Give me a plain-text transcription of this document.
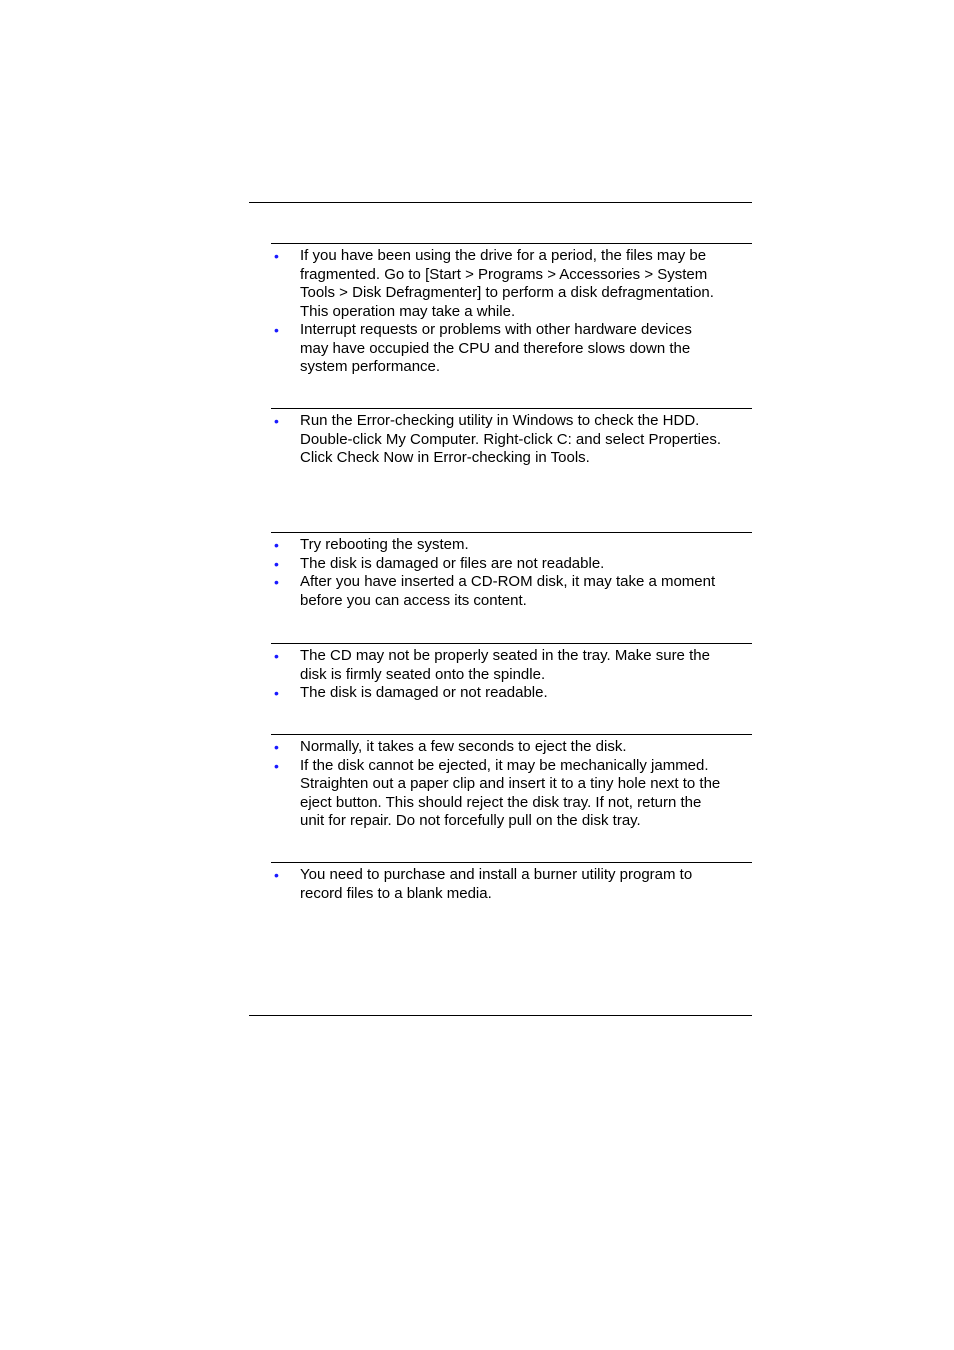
• If you have been using the drive for a period, the files may be
fragmented. Go to [Start > Programs > Accessories > System
Tools > Disk Defragmenter] to perform a disk defragmentation.
This operation may take a while.
• Interrupt requests or problems with other hardware devices
may have occupied the CPU and therefore slows down the
system performance.
• Run the Error-checking utility in Windows to check the HDD.
Double-click My Computer. Right-click C: and select Properties.
Click Check Now in Error-checking in Tools.
• Try rebooting the system.
• The disk is damaged or files are not readable.
• After you have inserted a CD-ROM disk, it may take a moment
before you can access its content.
• The CD may not be properly seated in the tray. Make sure the
disk is firmly seated onto the spindle.
• The disk is damaged or not readable.
• Normally, it takes a few seconds to eject the disk.
• If the disk cannot be ejected, it may be mechanically jammed.
Straighten out a paper clip and insert it to a tiny hole next to the
eject button. This should reject the disk tray. If not, return the
unit for repair. Do not forcefully pull on the disk tray.
• You need to purchase and install a burner utility program to
record files to a blank media.
